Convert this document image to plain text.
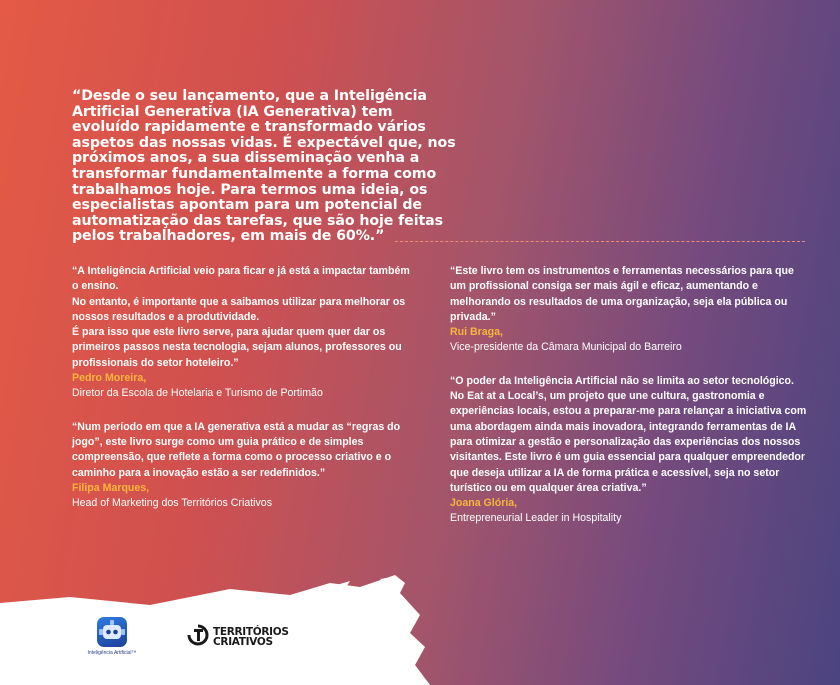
“Desde o seu lançamento, que a Inteligência Artificial Generativa (IA Generativa) tem evoluído rapidamente e transformado vários aspetos das nossas vidas. É expectável que, nos próximos anos, a sua disseminação venha a transformar fundamentalmente a forma como trabalhamos hoje. Para termos uma ideia, os especialistas apontam para um potencial de automatização das tarefas, que são hoje feitas pelos trabalhadores, em mais de 60%.”

“A Inteligência Artificial veio para ficar e já está a impactar também o ensino.
No entanto, é importante que a saibamos utilizar para melhorar os nossos resultados e a produtividade.
É para isso que este livro serve, para ajudar quem quer dar os primeiros passos nesta tecnologia, sejam alunos, professores ou profissionais do setor hoteleiro.”

Pedro Moreira,
Diretor da Escola de Hotelaria e Turismo de Portimão

“Num período em que a IA generativa está a mudar as “regras do jogo”, este livro surge como um guia prático e de simples compreensão, que reflete a forma como o processo criativo e o caminho para a inovação estão a ser redefinidos.”

Filipa Marques,
Head of Marketing dos Territórios Criativos

“Este livro tem os instrumentos e ferramentas necessários para que um profissional consiga ser mais ágil e eficaz, aumentando e melhorando os resultados de uma organização, seja ela pública ou privada.”

Rui Braga,
Vice-presidente da Câmara Municipal do Barreiro

“O poder da Inteligência Artificial não se limita ao setor tecnológico. No Eat at a Local’s, um projeto que une cultura, gastronomia e experiências locais, estou a preparar-me para relançar a iniciativa com uma abordagem ainda mais inovadora, integrando ferramentas de IA para otimizar a gestão e personalização das experiências dos nossos visitantes. Este livro é um guia essencial para qualquer empreendedor que deseja utilizar a IA de forma prática e acessível, seja no setor turístico ou em qualquer área criativa.”

Joana Glória,
Entrepreneurial Leader in Hospitality
Inteligência Artificial™
TERRITÓRIOS
CRIATIVOS
